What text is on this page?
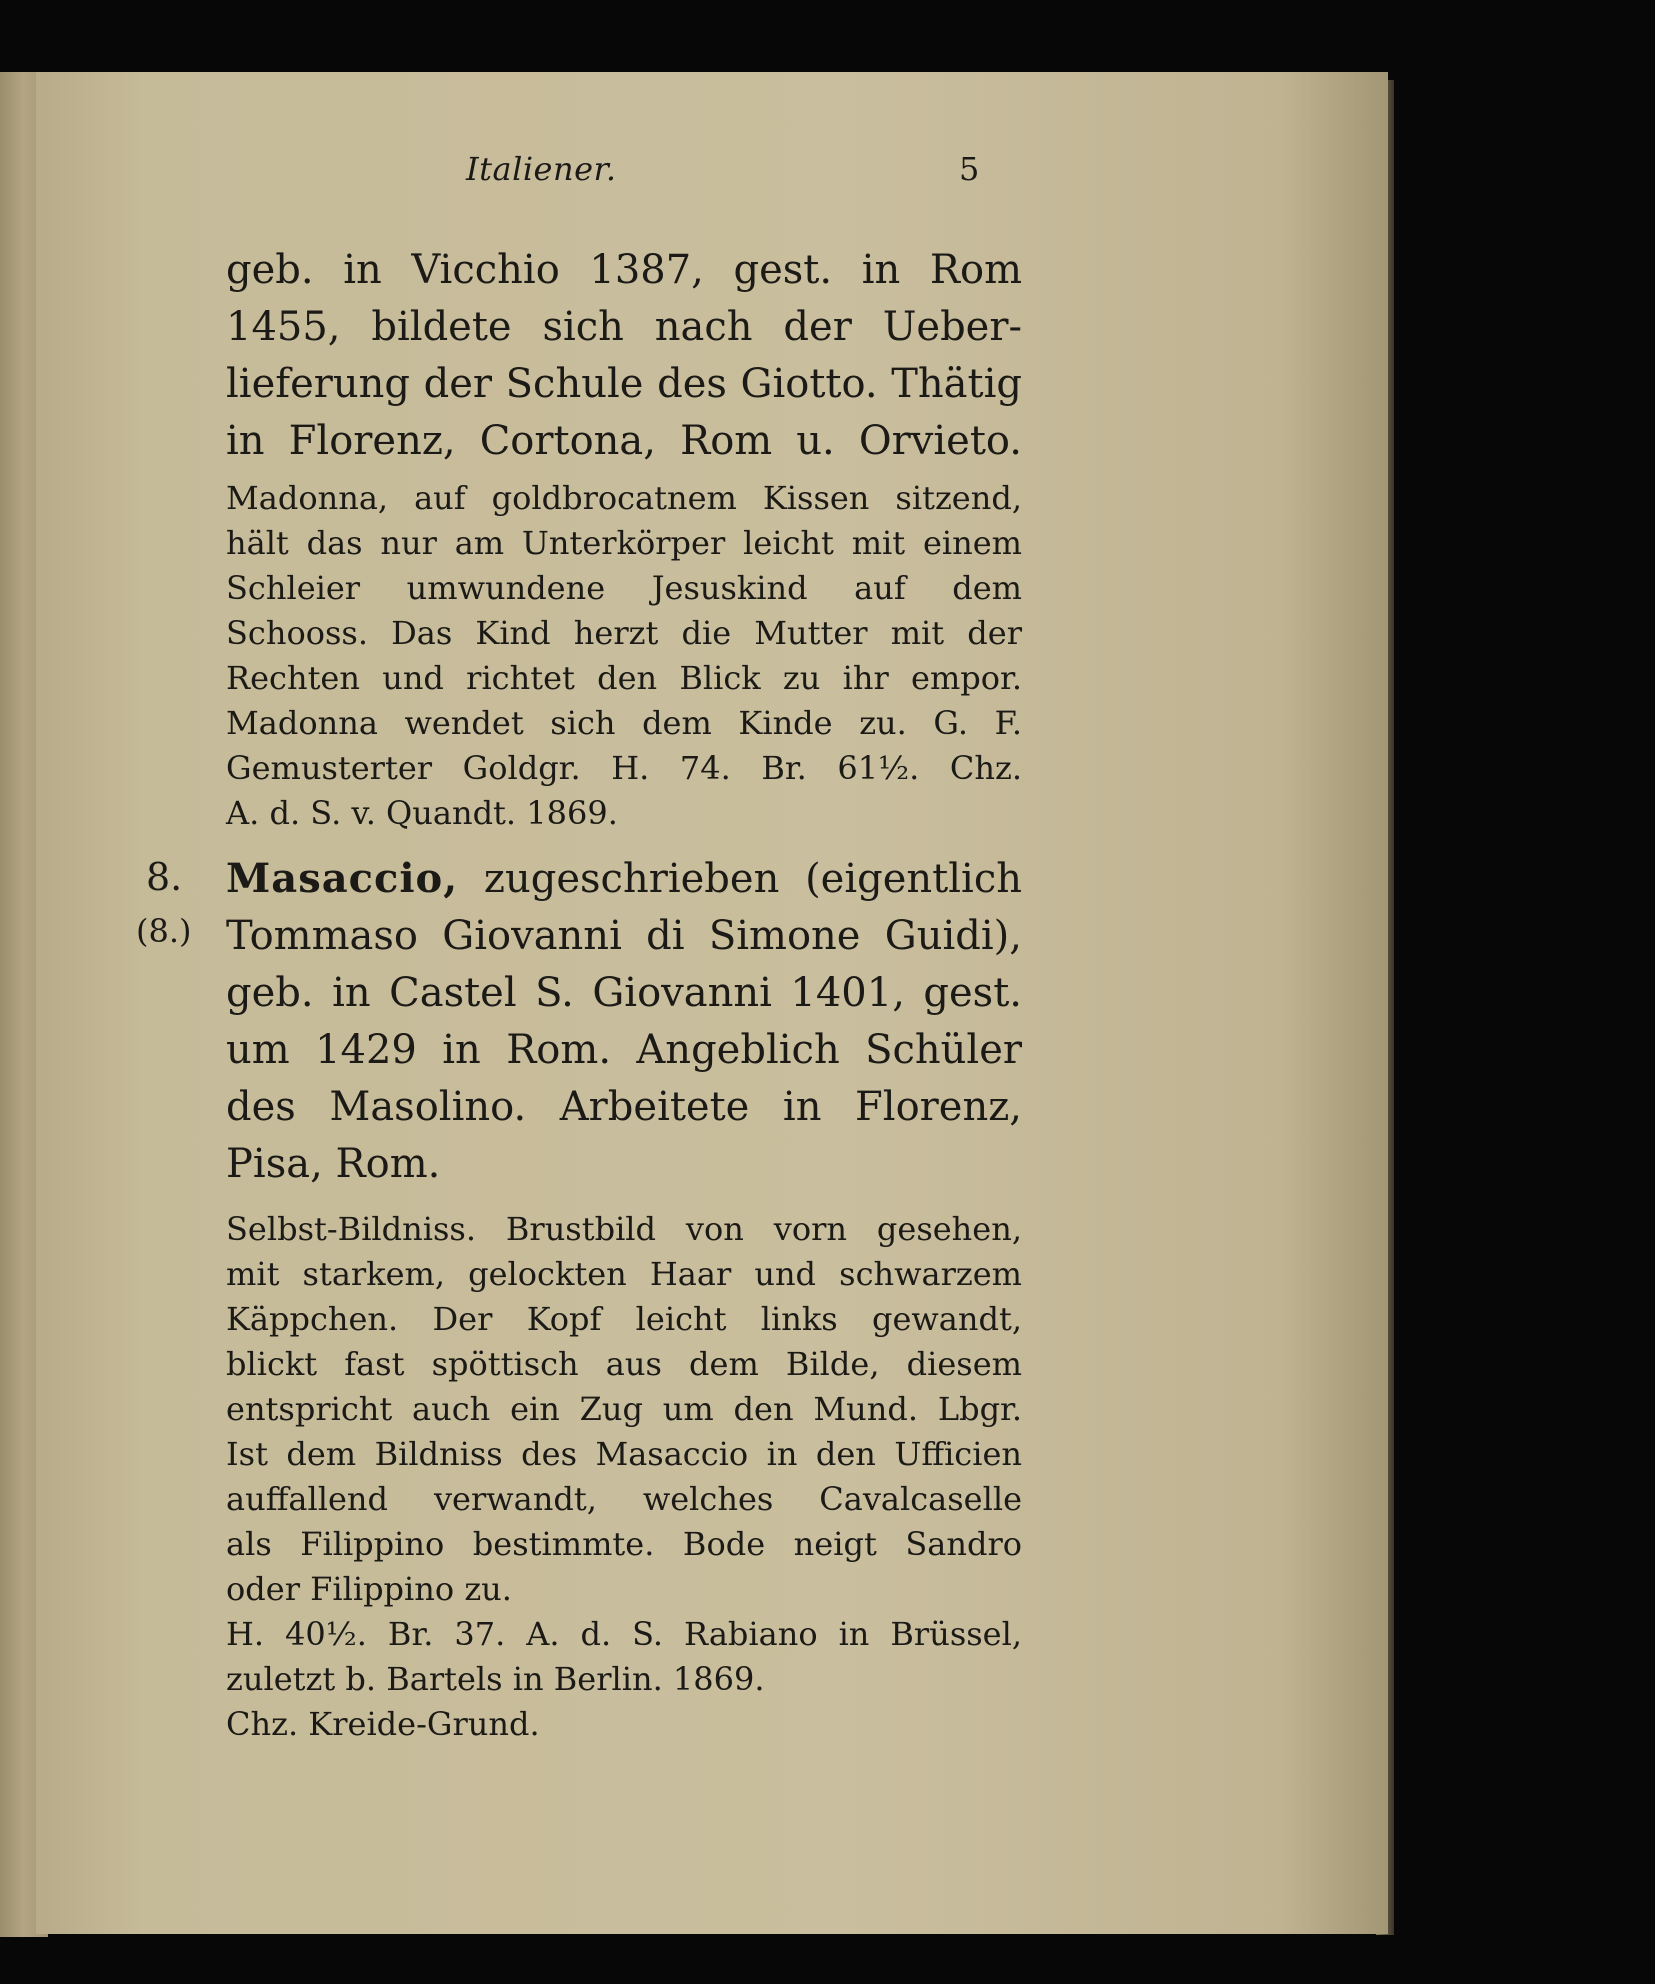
Italiener.	5
geb. in Vicchio 1387, gest. in Rom
1455, bildete sich nach der Ueber-
lieferung der Schule des Giotto. Thätig
in Florenz, Cortona, Rom u. Orvieto.
Madonna, auf goldbrocatnem Kissen sitzend,
hält das nur am Unterkörper leicht mit einem
Schleier umwundene Jesuskind auf dem
Schooss. Das Kind herzt die Mutter mit der
Rechten und richtet den Blick zu ihr empor.
Madonna wendet sich dem Kinde zu. G. F.
Gemusterter Goldgr. H. 74. Br. 61½. Chz.
A. d. S. v. Quandt. 1869.
8.
(8.)
Masaccio, zugeschrieben (eigentlich
Tommaso Giovanni di Simone Guidi),
geb. in Castel S. Giovanni 1401, gest.
um 1429 in Rom. Angeblich Schüler
des Masolino. Arbeitete in Florenz,
Pisa, Rom.
Selbst-Bildniss. Brustbild von vorn gesehen,
mit starkem, gelockten Haar und schwarzem
Käppchen. Der Kopf leicht links gewandt,
blickt fast spöttisch aus dem Bilde, diesem
entspricht auch ein Zug um den Mund. Lbgr.
Ist dem Bildniss des Masaccio in den Ufficien
auffallend verwandt, welches Cavalcaselle
als Filippino bestimmte. Bode neigt Sandro
oder Filippino zu.
H. 40½. Br. 37. A. d. S. Rabiano in Brüssel,
zuletzt b. Bartels in Berlin. 1869.
Chz. Kreide-Grund.
